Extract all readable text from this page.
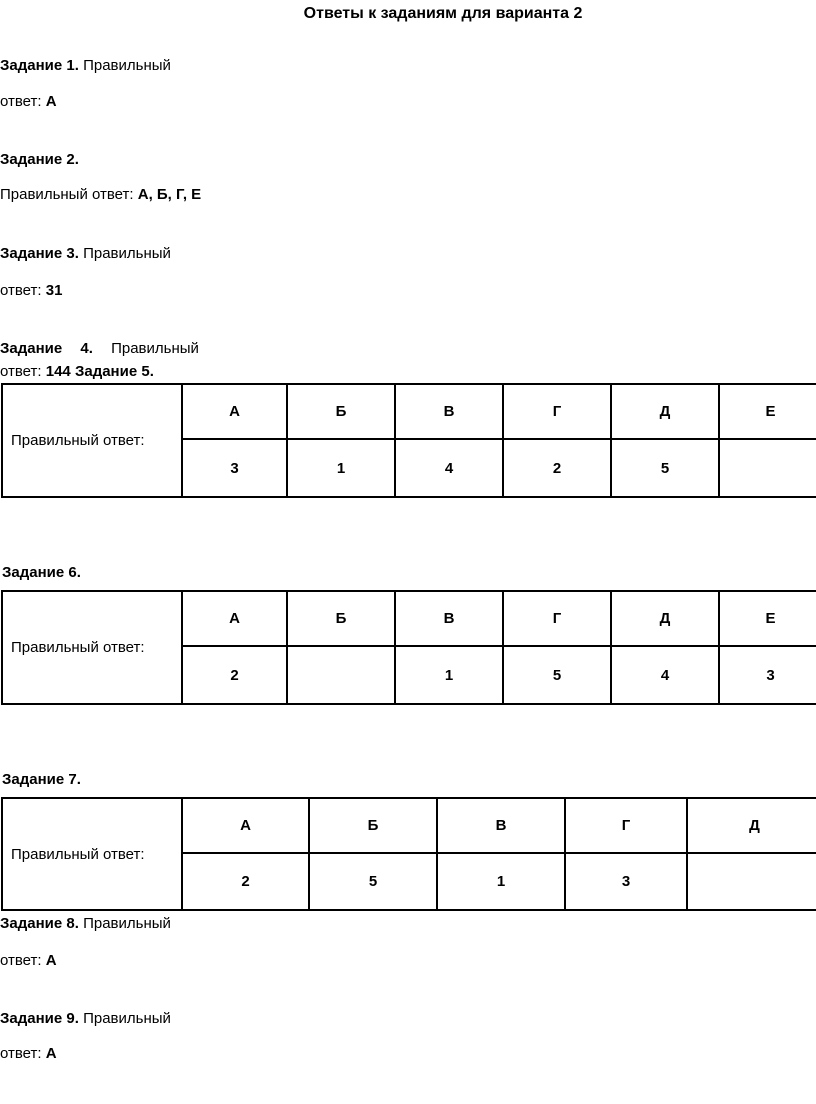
Ответы к заданиям для варианта 2
Задание 1. Правильный
ответ: А
Задание 2.
Правильный ответ: А, Б, Г, Е
Задание 3. Правильный
ответ: 31
Задание 4. Правильный
ответ: 144 Задание 5.
Правильный ответ:	А	Б	В	Г	Д	Е
	3	1	4	2	5	
Задание 6.
Правильный ответ:	А	Б	В	Г	Д	Е
	2		1	5	4	3
Задание 7.
Правильный ответ:	А	Б	В	Г	Д
	2	5	1	3	
Задание 8. Правильный
ответ: А
Задание 9. Правильный
ответ: А
